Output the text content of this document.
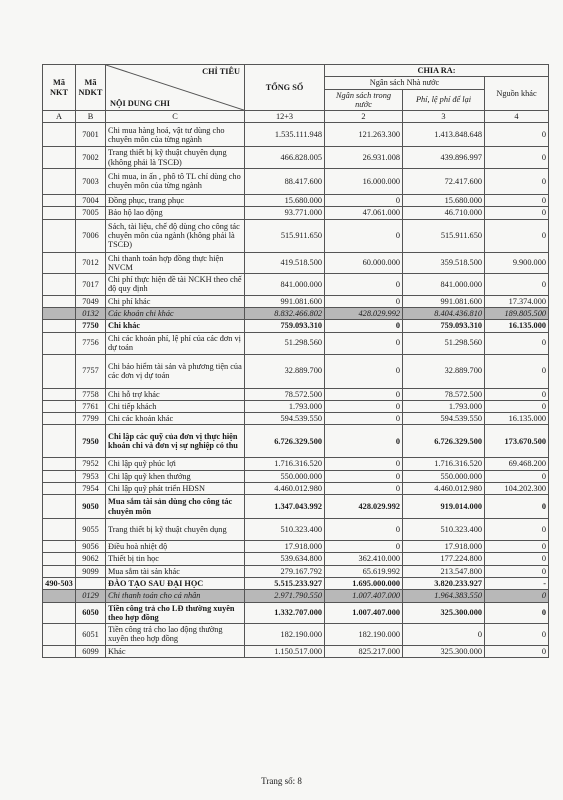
Mã NKT	Mã NDKT	CHỈ TIÊU
NỘI DUNG CHI	TỔNG SỐ	CHIA RA:		
				Ngân sách Nhà nước		Nguồn khác
				Ngân sách trong nước	Phí, lệ phí để lại	
A	B	C	12+3	2	3	4
	7001	Chi mua hàng hoá, vật tư dùng cho chuyên môn của từng ngành	1.535.111.948	121.263.300	1.413.848.648	0
	7002	Trang thiết bị kỹ thuật chuyên dụng (không phải là TSCĐ)	466.828.005	26.931.008	439.896.997	0
	7003	Chi mua, in ấn , phô tô TL chỉ dùng cho chuyên môn của từng ngành	88.417.600	16.000.000	72.417.600	0
	7004	Đồng phục, trang phục	15.680.000	0	15.680.000	0
	7005	Bảo hộ lao động	93.771.000	47.061.000	46.710.000	0
	7006	Sách, tài liệu, chế độ dùng cho công tác chuyên môn của ngành (không phải là TSCĐ)	515.911.650	0	515.911.650	0
	7012	Chi thanh toán hợp đồng thực hiện NVCM	419.518.500	60.000.000	359.518.500	9.900.000
	7017	Chi phí thực hiện đề tài NCKH theo chế độ quy định	841.000.000	0	841.000.000	0
	7049	Chi phí khác	991.081.600	0	991.081.600	17.374.000
	0132	Các khoản chi khác	8.832.466.802	428.029.992	8.404.436.810	189.805.500
	7750	Chi khác	759.093.310	0	759.093.310	16.135.000
	7756	Chi các khoản phí, lệ phí của các đơn vị dự toán	51.298.560	0	51.298.560	0
	7757	Chi bảo hiểm tài sản và phương tiện của các đơn vị dự toán	32.889.700	0	32.889.700	0
	7758	Chi hỗ trợ khác	78.572.500	0	78.572.500	0
	7761	Chi tiếp khách	1.793.000	0	1.793.000	0
	7799	Chi các khoản khác	594.539.550	0	594.539.550	16.135.000
	7950	Chi lập các quỹ của đơn vị thực hiện khoán chi và đơn vị sự nghiệp có thu	6.726.329.500	0	6.726.329.500	173.670.500
	7952	Chi lập quỹ phúc lợi	1.716.316.520	0	1.716.316.520	69.468.200
	7953	Chi lập quỹ khen thưởng	550.000.000	0	550.000.000	0
	7954	Chi lập quỹ phát triển HĐSN	4.460.012.980	0	4.460.012.980	104.202.300
	9050	Mua sắm tài sản dùng cho công tác chuyên môn	1.347.043.992	428.029.992	919.014.000	0
	9055	Trang thiết bị kỹ thuật chuyên dụng	510.323.400	0	510.323.400	0
	9056	Điều hoà nhiệt độ	17.918.000	0	17.918.000	0
	9062	Thiết bị tin học	539.634.800	362.410.000	177.224.800	0
	9099	Mua sắm tài sản khác	279.167.792	65.619.992	213.547.800	0
490-503		ĐÀO TẠO SAU ĐẠI HỌC	5.515.233.927	1.695.000.000	3.820.233.927	-
	0129	Chi thanh toán cho cá nhân	2.971.790.550	1.007.407.000	1.964.383.550	0
	6050	Tiền công trả cho LĐ thường xuyên theo hợp đồng	1.332.707.000	1.007.407.000	325.300.000	0
	6051	Tiền công trả cho lao động thường xuyên theo hợp đồng	182.190.000	182.190.000	0	0
	6099	Khác	1.150.517.000	825.217.000	325.300.000	0
Trang số: 8
